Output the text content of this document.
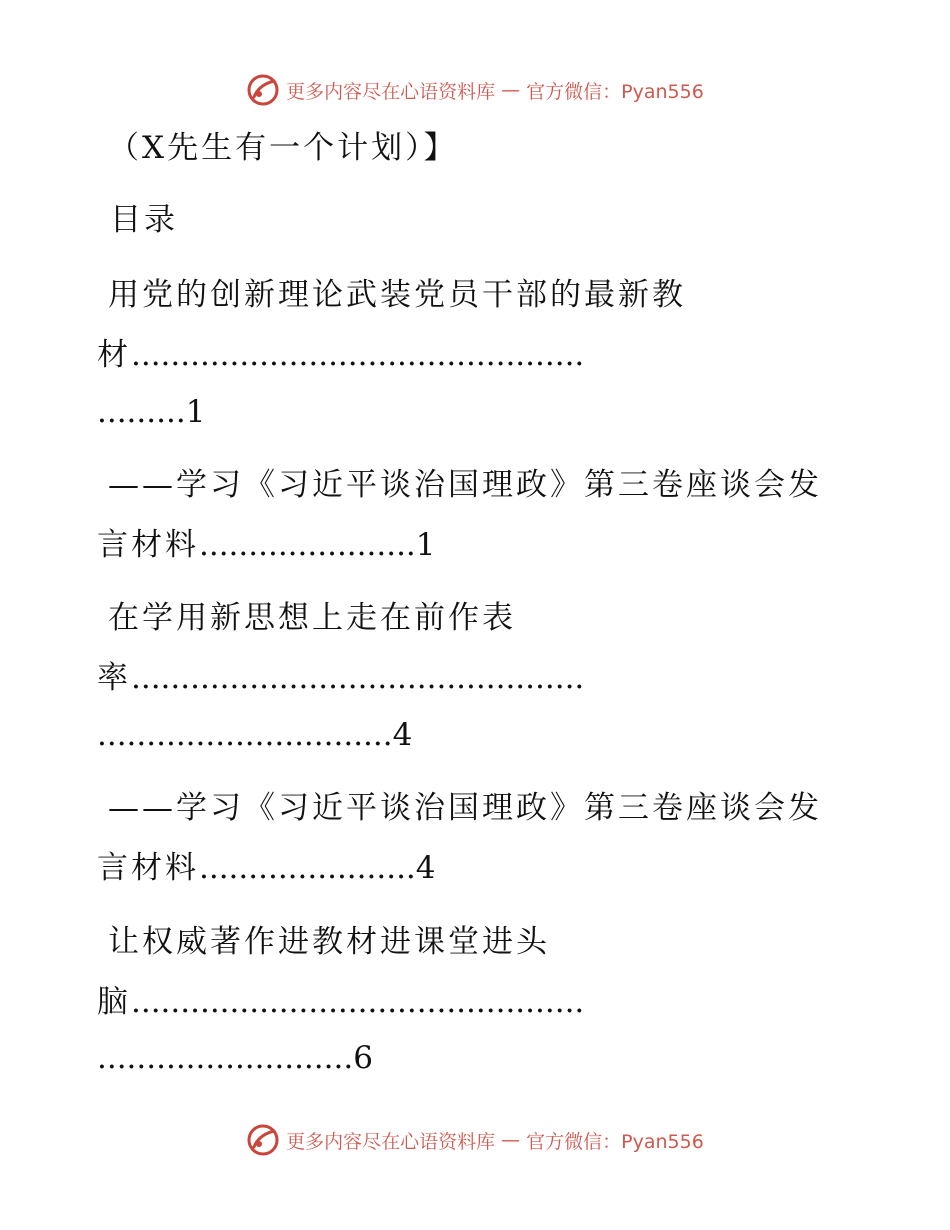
更多内容尽在心语资料库 — 官方微信：Pyan556
（X先生有一个计划）】
目录
用党的创新理论武装党员干部的最新教
材..............................................
.........1
——学习《习近平谈治国理政》第三卷座谈会发
言材料......................1
在学用新思想上走在前作表
率..............................................
..............................4
——学习《习近平谈治国理政》第三卷座谈会发
言材料......................4
让权威著作进教材进课堂进头
脑..............................................
..........................6
更多内容尽在心语资料库 — 官方微信：Pyan556
